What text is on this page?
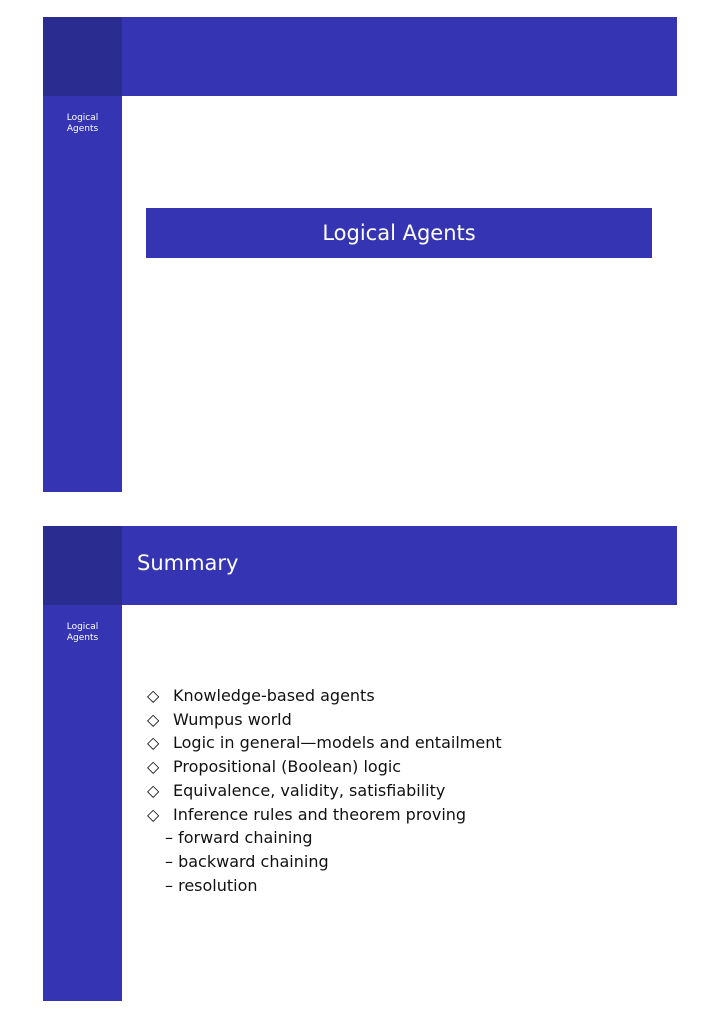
Logical
Agents
Logical Agents
Summary
Logical
Agents
◇ Knowledge-based agents
◇ Wumpus world
◇ Logic in general—models and entailment
◇ Propositional (Boolean) logic
◇ Equivalence, validity, satisfiability
◇ Inference rules and theorem proving
– forward chaining
– backward chaining
– resolution
